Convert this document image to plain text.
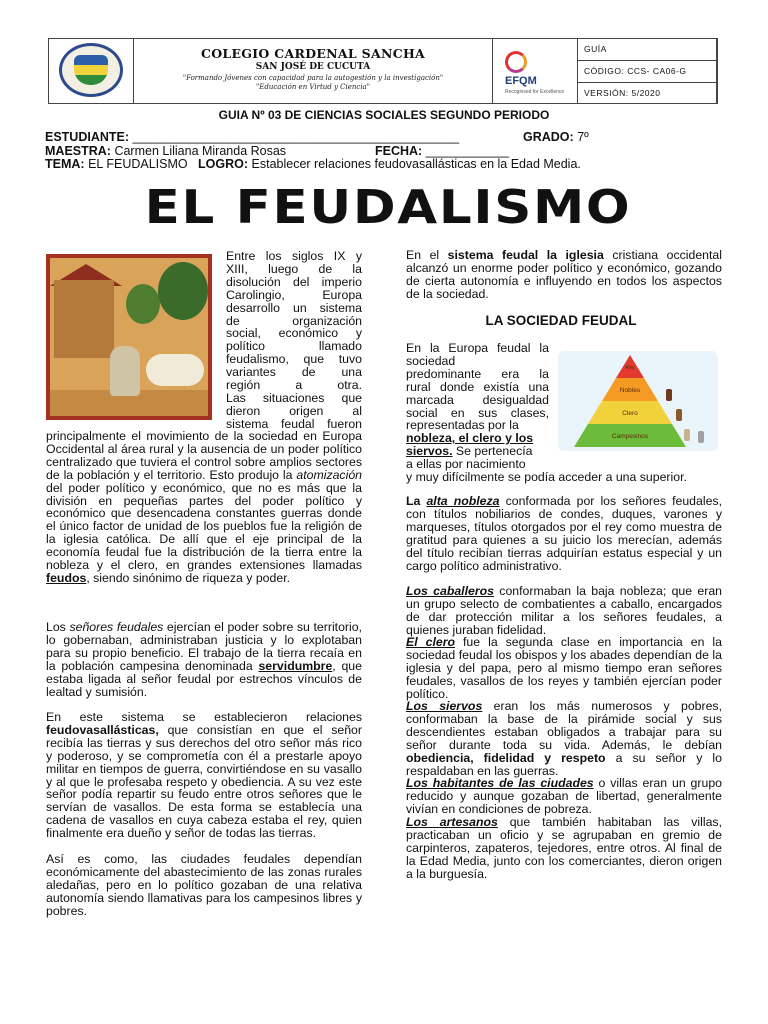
COLEGIO CARDENAL SANCHA
SAN JOSÉ DE CUCUTA
"Formando Jóvenes con capacidad para la autogestión y la investigación"
"Educación en Virtud y Ciencia"	EFQM
Recognised for Excellence
GUÍA
CÓDIGO: CCS- CA06-G
VERSIÓN: 5/2020
GUIA Nº 03 DE CIENCIAS SOCIALES SEGUNDO PERIODO
ESTUDIANTE: _______________________________________________	GRADO: 7º
MAESTRA: Carmen Liliana Miranda Rosas	FECHA: ____________
TEMA: EL FEUDALISMO LOGRO: Establecer relaciones feudovasallásticas en la Edad Media.
EL FEUDALISMO
Entre los siglos IX y
XIII, luego de la
disolución del imperio
Carolingio, Europa
desarrollo un sistema
de organización
social, económico y
político llamado
feudalismo, que tuvo
variantes de una
región a otra.
Las situaciones que
dieron origen al
sistema feudal fueron

principalmente el movimiento de la sociedad en Europa Occidental al área rural y la ausencia de un poder político centralizado que tuviera el control sobre amplios sectores de la población y el territorio. Esto produjo la atomización del poder político y económico, que no es más que la división en pequeñas partes del poder político y económico que desencadena constantes guerras donde el único factor de unidad de los pueblos fue la religión de la iglesia católica. De allí que el eje principal de la economía feudal fue la distribución de la tierra entre la nobleza y el clero, en grandes extensiones llamadas feudos, siendo sinónimo de riqueza y poder.

Los señores feudales ejercían el poder sobre su territorio, lo gobernaban, administraban justicia y lo explotaban para su propio beneficio. El trabajo de la tierra recaía en la población campesina denominada servidumbre, que estaba ligada al señor feudal por estrechos vínculos de lealtad y sumisión.

En este sistema se establecieron relaciones feudovasallásticas, que consistían en que el señor recibía las tierras y sus derechos del otro señor más rico y poderoso, y se comprometía con él a prestarle apoyo militar en tiempos de guerra, convirtiéndose en su vasallo y al que le profesaba respeto y obediencia. A su vez este señor podía repartir su feudo entre otros señores que le servían de vasallos. De esta forma se establecía una cadena de vasallos en cuya cabeza estaba el rey, quien finalmente era dueño y señor de todas las tierras.

Así es como, las ciudades feudales dependían económicamente del abastecimiento de las zonas rurales aledañas, pero en lo político gozaban de una relativa autonomía siendo llamativas para los campesinos libres y pobres.

En el sistema feudal la iglesia cristiana occidental alcanzó un enorme poder político y económico, gozando de cierta autonomía e influyendo en todos los aspectos de la sociedad.

LA SOCIEDAD FEUDAL
En la Europa feudal la
sociedad
predominante era la
rural donde existía una
marcada desigualdad
social en sus clases,
representadas por la
nobleza, el clero y los
siervos. Se pertenecía
a ellas por nacimiento
y muy difícilmente se podía acceder a una superior.
Rey
Nobles
Clero
Campesinos

La alta nobleza conformada por los señores feudales, con títulos nobiliarios de condes, duques, varones y marqueses, títulos otorgados por el rey como muestra de gratitud para quienes a su juicio los merecían, además del título recibían tierras adquirían estatus especial y un cargo político administrativo.

Los caballeros conformaban la baja nobleza; que eran un grupo selecto de combatientes a caballo, encargados de dar protección militar a los señores feudales, a quienes juraban fidelidad.

El clero fue la segunda clase en importancia en la sociedad feudal los obispos y los abades dependían de la iglesia y del papa, pero al mismo tiempo eran señores feudales, vasallos de los reyes y también ejercían poder político.

Los siervos eran los más numerosos y pobres, conformaban la base de la pirámide social y sus descendientes estaban obligados a trabajar para su señor durante toda su vida. Además, le debían obediencia, fidelidad y respeto a su señor y lo respaldaban en las guerras.

Los habitantes de las ciudades o villas eran un grupo reducido y aunque gozaban de libertad, generalmente vivían en condiciones de pobreza.

Los artesanos que también habitaban las villas, practicaban un oficio y se agrupaban en gremio de carpinteros, zapateros, tejedores, entre otros. Al final de la Edad Media, junto con los comerciantes, dieron origen a la burguesía.
